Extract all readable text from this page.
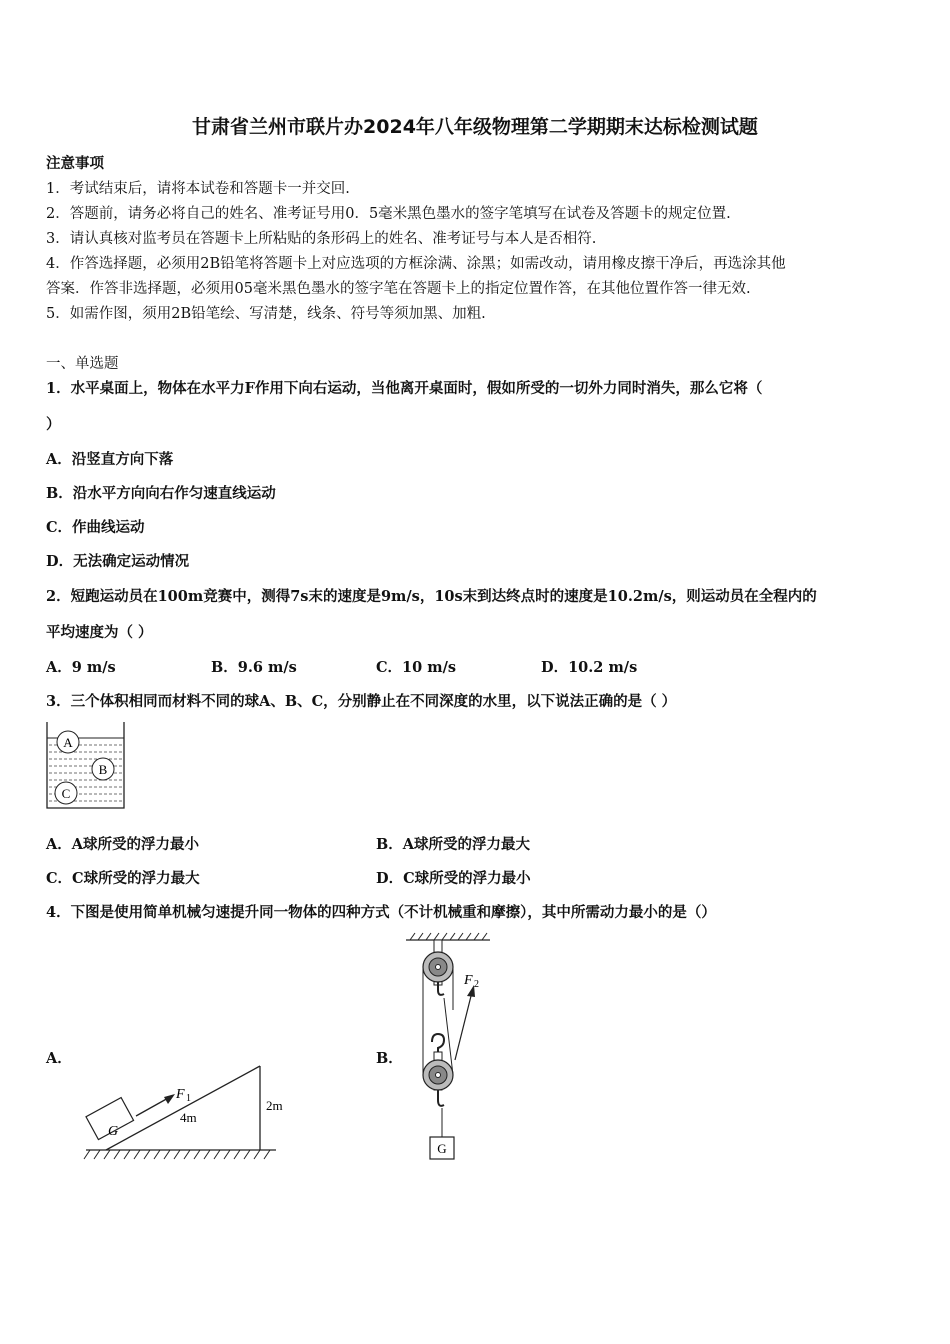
甘肃省兰州市联片办2024年八年级物理第二学期期末达标检测试题
注意事项
1．考试结束后，请将本试卷和答题卡一并交回.
2．答题前，请务必将自己的姓名、准考证号用0．5毫米黑色墨水的签字笔填写在试卷及答题卡的规定位置.
3．请认真核对监考员在答题卡上所粘贴的条形码上的姓名、准考证号与本人是否相符.
4．作答选择题，必须用2B铅笔将答题卡上对应选项的方框涂满、涂黑；如需改动，请用橡皮擦干净后，再选涂其他
答案．作答非选择题，必须用05毫米黑色墨水的签字笔在答题卡上的指定位置作答，在其他位置作答一律无效.
5．如需作图，须用2B铅笔绘、写清楚，线条、符号等须加黑、加粗.
一、单选题
1．水平桌面上，物体在水平力F作用下向右运动，当他离开桌面时，假如所受的一切外力同时消失，那么它将（
）
A．沿竖直方向下落
B．沿水平方向向右作匀速直线运动
C．作曲线运动
D．无法确定运动情况
2．短跑运动员在100m竞赛中，测得7s末的速度是9m/s，10s末到达终点时的速度是10.2m/s，则运动员在全程内的
平均速度为（ ）
A．9 m/s	B．9.6 m/s	C．10 m/s	D．10.2 m/s
3．三个体积相同而材料不同的球A、B、C，分别静止在不同深度的水里，以下说法正确的是（ ）
A
B
C
A．A球所受的浮力最小	B．A球所受的浮力最大
C．C球所受的浮力最大	D．C球所受的浮力最小
4．下图是使用简单机械匀速提升同一物体的四种方式（不计机械重和摩擦），其中所需动力最小的是（）
A．	B．
G
F 1
4m
2m
F 2
G
